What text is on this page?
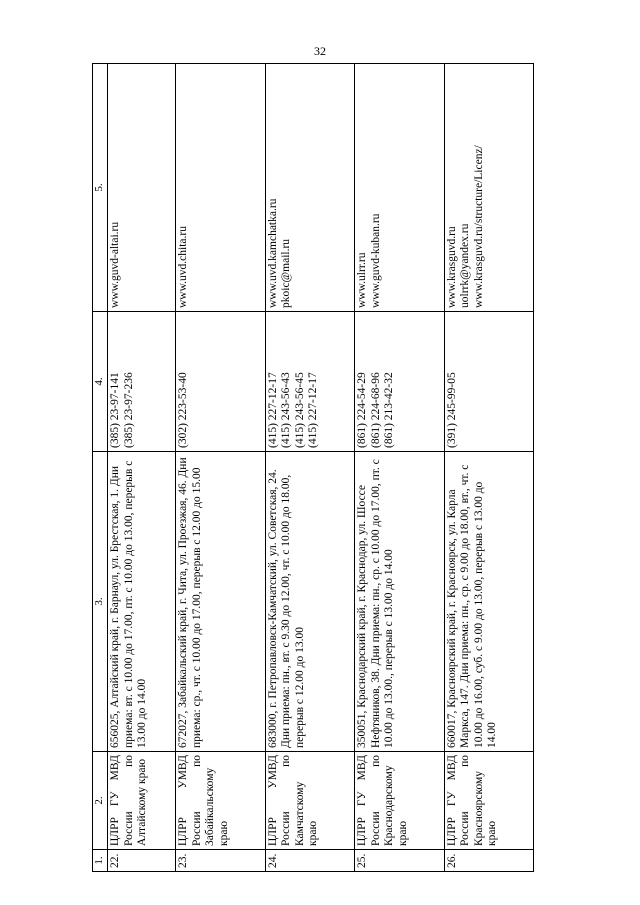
32
1.	2.	3.	4.	5.
22.	ЦЛРР ГУ МВД России по Алтайскому краю	656025, Алтайский край, г. Барнаул, ул. Брестская, 1. Дни приема: вт. с 10.00 до 17.00, пт. с 10.00 до 13.00, перерыв с 13.00 до 14.00	(385) 23-97-141 (385) 23-97-236	www.guvd-altai.ru

23.	ЦЛРР УМВД России по Забайкальскому краю	672027, Забайкальский край, г. Чита, ул. Проезжая, 46. Дни приема: ср., чт. с 10.00 до 17.00, перерыв с 12.00 до 15.00	(302) 223-53-40	www.uvd.chita.ru

24.	ЦЛРР УМВД России по Камчатскому краю	683000, г. Петропавловск-Камчатский, ул. Советская, 24. Дни приема: пн., вт. с 9.30 до 12.00, чт. с 10.00 до 18.00, перерыв с 12.00 до 13.00	(415) 227-12-17 (415) 243-56-43 (415) 243-56-45 (415) 227-12-17	www.uvd.kamchatka.ru pkoic@mail.ru

25.	ЦЛРР ГУ МВД России по Краснодарскому краю	350051, Краснодарский край, г. Краснодар, ул. Шоссе Нефтяников, 38. Дни приема: пн., ср. с 10.00 до 17.00, пт. с 10.00 до 13.00., перерыв с 13.00 до 14.00	(861) 224-54-29 (861) 224-68-96 (861) 213-42-32	www.ulrr.ru www.guvd-kuban.ru

26.	ЦЛРР ГУ МВД России по Красноярскому краю	660017, Красноярский край, г. Красноярск, ул. Карла Маркса, 147. Дни приема: пн., ср. с 9.00 до 18.00, вт., чт. с 10.00 до 16.00, суб. с 9.00 до 13.00, перерыв с 13.00 до 14.00	(391) 245-99-05	www.krasguvd.ru uolrrk@yandex.ru www.krasguvd.ru/structure/Licenz/
